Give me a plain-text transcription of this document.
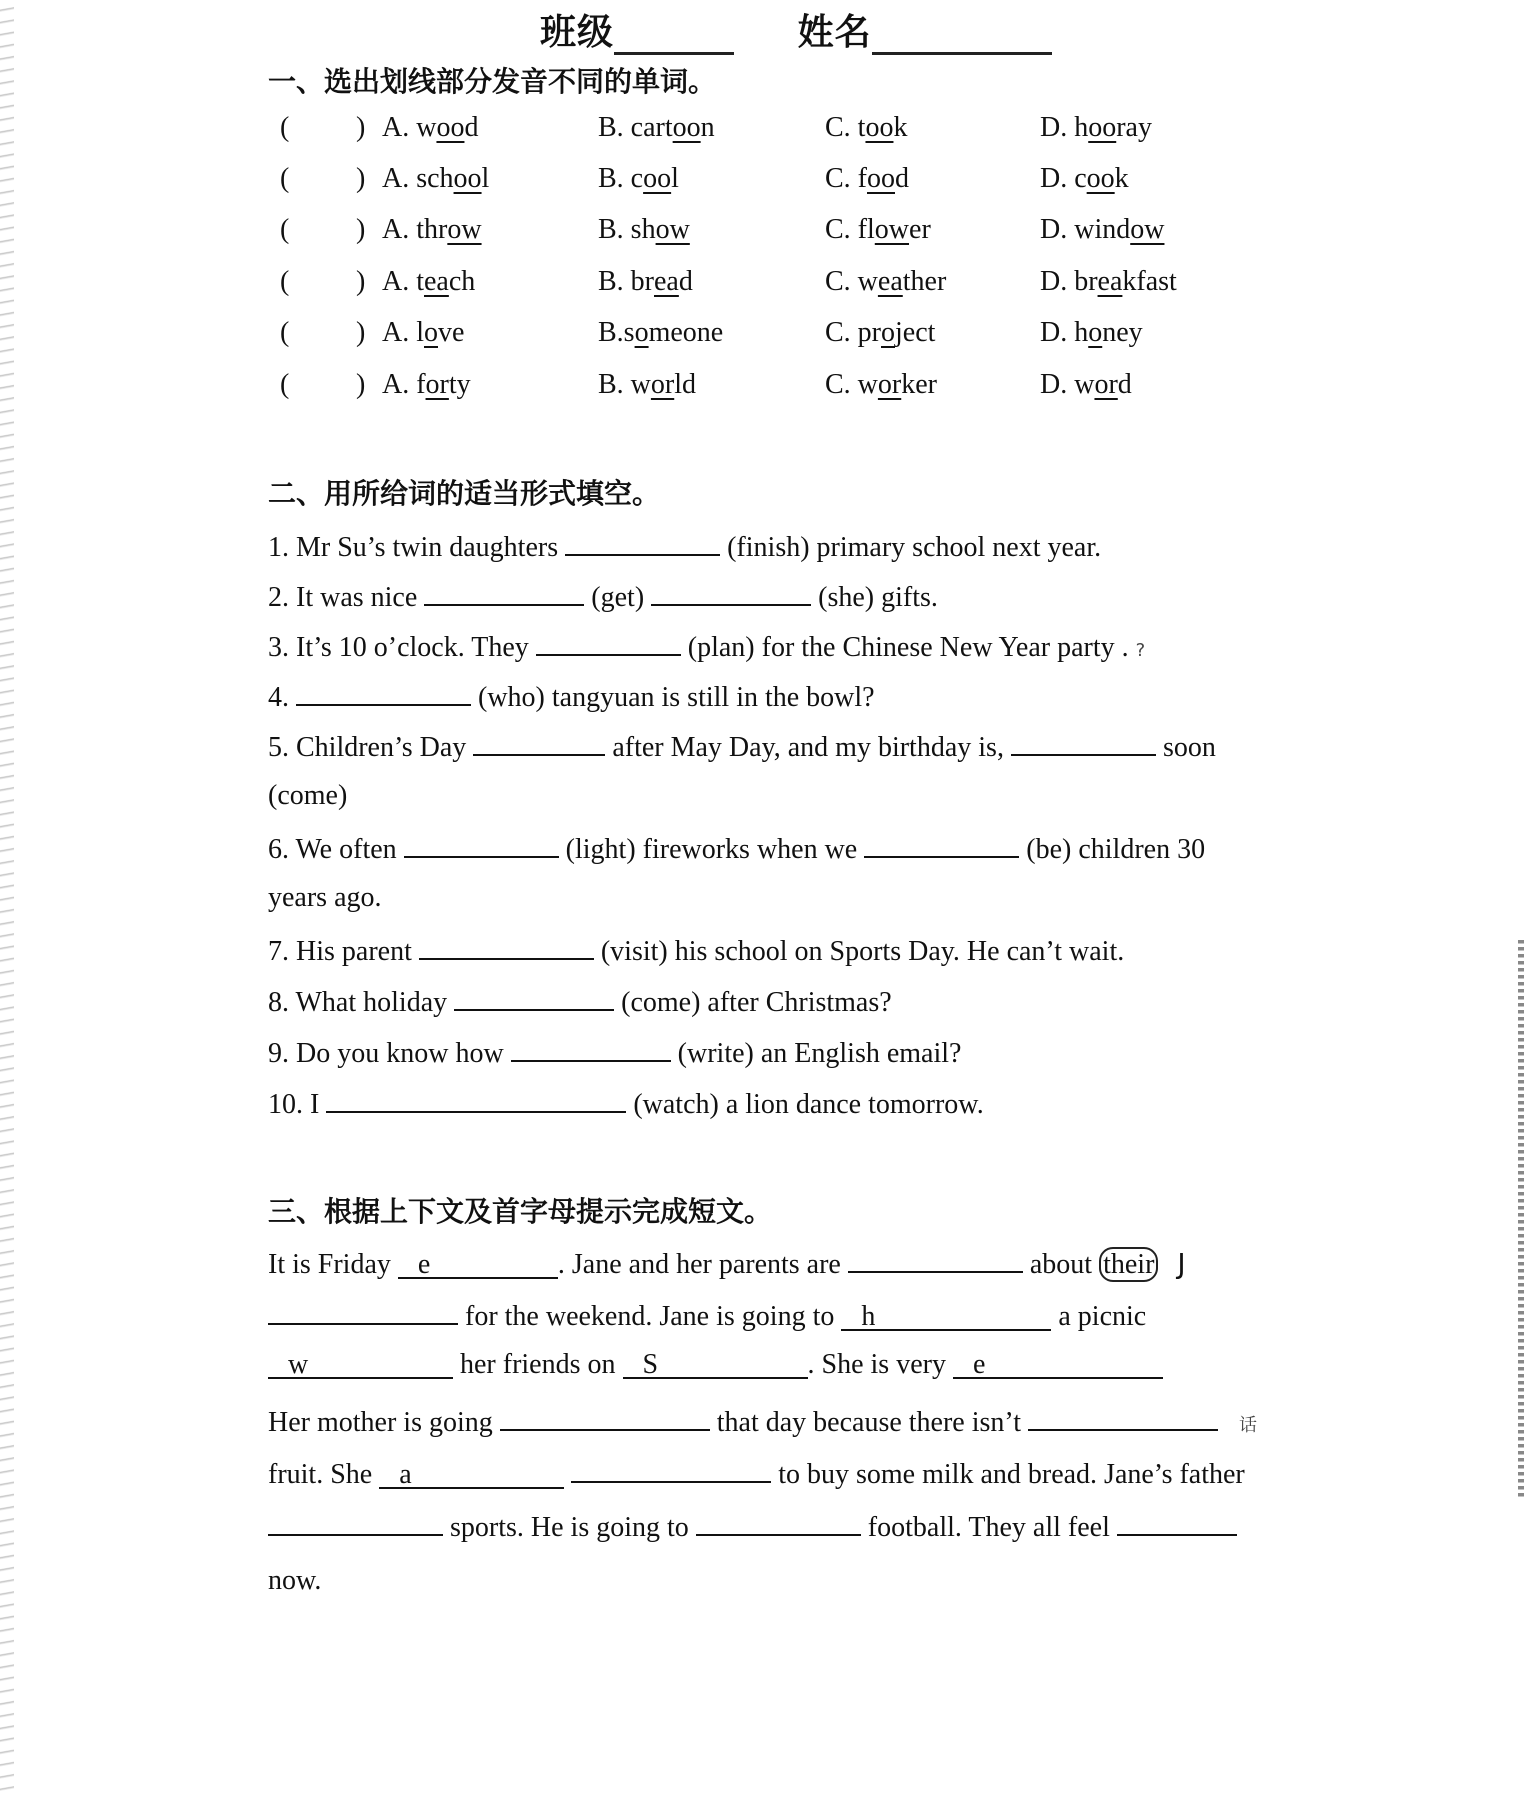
班级	姓名
一、选出划线部分发音不同的单词。
( ) A. wood	B. cartoon	C. took	D. hooray
( ) A. school	B. cool	C. food	D. cook
( ) A. throw	B. show	C. flower	D. window
( ) A. teach	B. bread	C. weather	D. breakfast
( ) A. love	B.someone	C. project	D. honey
( ) A. forty	B. world	C. worker	D. word
二、用所给词的适当形式填空。
1. Mr Su’s twin daughters	(finish) primary school next year.
2. It was nice	(get)	(she) gifts.
3. It’s 10 o’clock. They	(plan) for the Chinese New Year party . ?
4.	(who) tangyuan is still in the bowl?
5. Children’s Day	after May Day, and my birthday is,	soon
(come)
6. We often	(light) fireworks when we	(be) children 30
years ago.
7. His parent	(visit) his school on Sports Day. He can’t wait.
8. What holiday	(come) after Christmas?
9. Do you know how	(write) an English email?
10. I	(watch) a lion dance tomorrow.
三、根据上下文及首字母提示完成短文。
It is Friday e	. Jane and her parents are	about their J
for the weekend. Jane is going to h	a picnic
w	her friends on S	. She is very e
Her mother is going	that day because there isn’t	话
fruit. She a	to buy some milk and bread. Jane’s father
sports. He is going to	football. They all feel
now.
